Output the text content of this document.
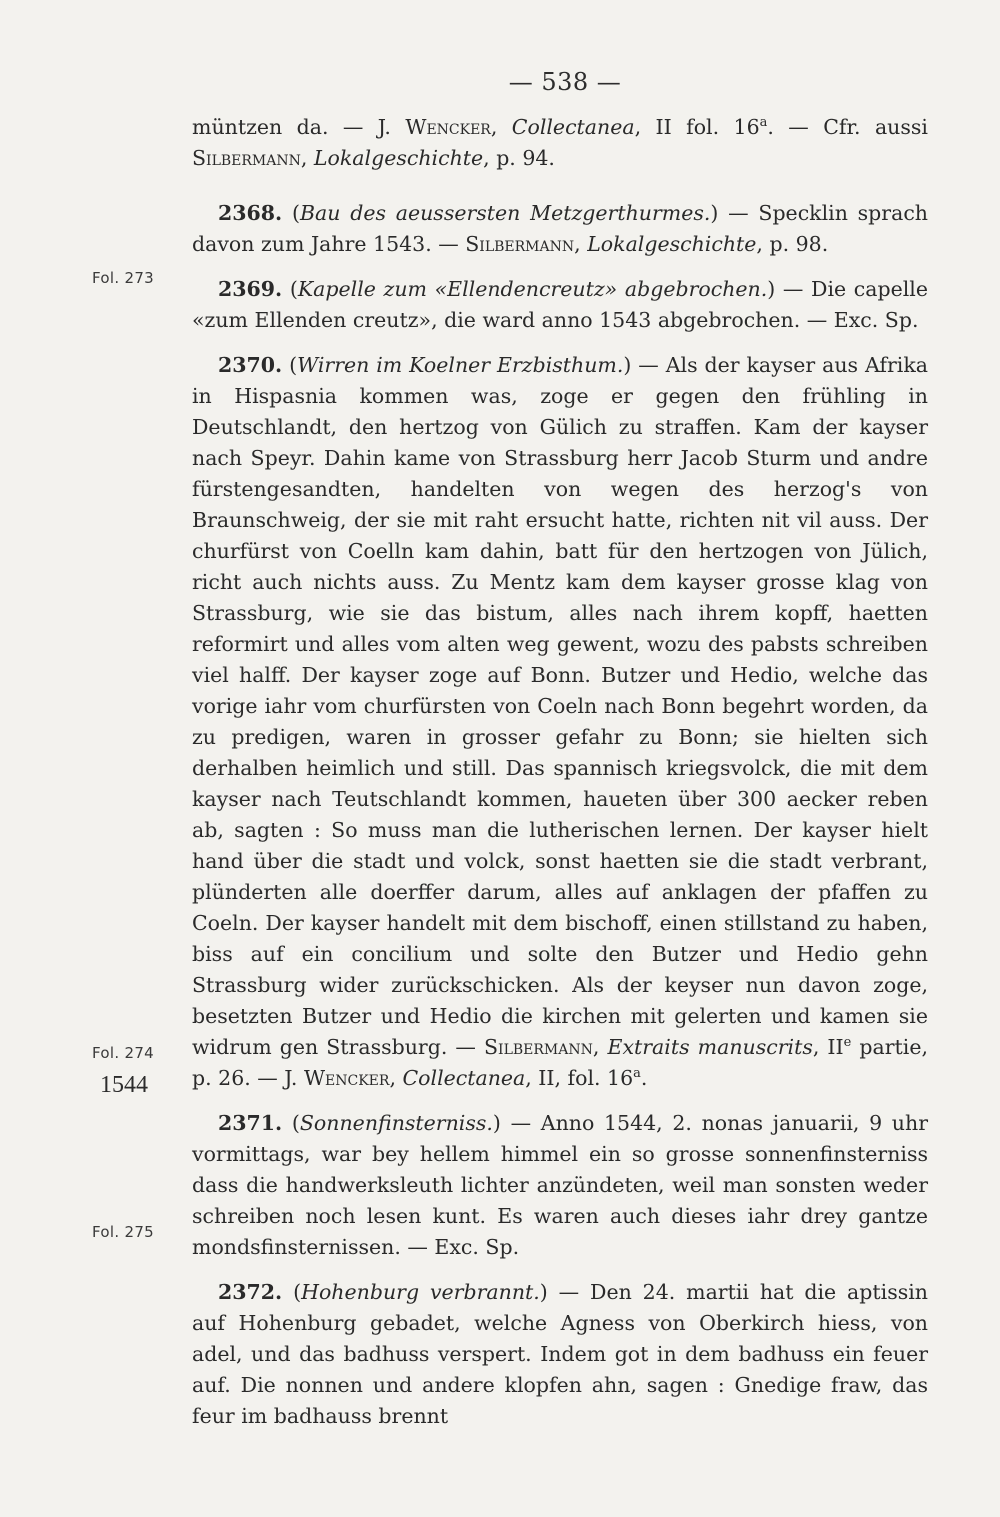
— 538 —
Fol. 273
Fol. 274
1544
Fol. 275

müntzen da. — J. Wencker, Collectanea, II fol. 16$^a$. — Cfr. aussi Silbermann, Lokalgeschichte, p. 94.

2368. (Bau des aeussersten Metzgerthurmes.) — Specklin sprach davon zum Jahre 1543. — Silbermann, Lokalgeschichte, p. 98.

2369. (Kapelle zum «Ellendencreutz» abgebrochen.) — Die capelle «zum Ellenden creutz», die ward anno 1543 abgebrochen. — Exc. Sp.

2370. (Wirren im Koelner Erzbisthum.) — Als der kayser aus Afrika in Hispasnia kommen was, zoge er gegen den frühling in Deutschlandt, den hertzog von Gülich zu straffen. Kam der kayser nach Speyr. Dahin kame von Strassburg herr Jacob Sturm und andre fürstengesandten, handelten von wegen des herzog's von Braunschweig, der sie mit raht ersucht hatte, richten nit vil auss. Der churfürst von Coelln kam dahin, batt für den hertzogen von Jülich, richt auch nichts auss. Zu Mentz kam dem kayser grosse klag von Strassburg, wie sie das bistum, alles nach ihrem kopff, haetten reformirt und alles vom alten weg gewent, wozu des pabsts schreiben viel halff. Der kayser zoge auf Bonn. Butzer und Hedio, welche das vorige iahr vom churfürsten von Coeln nach Bonn begehrt worden, da zu predigen, waren in grosser gefahr zu Bonn; sie hielten sich derhalben heimlich und still. Das spannisch kriegsvolck, die mit dem kayser nach Teutschlandt kommen, haueten über 300 aecker reben ab, sagten : So muss man die lutherischen lernen. Der kayser hielt hand über die stadt und volck, sonst haetten sie die stadt verbrant, plünderten alle doerffer darum, alles auf anklagen der pfaffen zu Coeln. Der kayser handelt mit dem bischoff, einen stillstand zu haben, biss auf ein concilium und solte den Butzer und Hedio gehn Strassburg wider zurückschicken. Als der keyser nun davon zoge, besetzten Butzer und Hedio die kirchen mit gelerten und kamen sie widrum gen Strassburg. — Silbermann, Extraits manuscrits, IIe partie, p. 26. — J. Wencker, Collectanea, II, fol. 16$^a$.

2371. (Sonnenfinsterniss.) — Anno 1544, 2. nonas januarii, 9 uhr vormittags, war bey hellem himmel ein so grosse sonnenfinsterniss dass die handwerksleuth lichter anzündeten, weil man sonsten weder schreiben noch lesen kunt. Es waren auch dieses iahr drey gantze mondsfinsternissen. — Exc. Sp.

2372. (Hohenburg verbrannt.) — Den 24. martii hat die aptissin auf Hohenburg gebadet, welche Agness von Oberkirch hiess, von adel, und das badhuss verspert. Indem got in dem badhuss ein feuer auf. Die nonnen und andere klopfen ahn, sagen : Gnedige fraw, das feur im badhauss brennt
